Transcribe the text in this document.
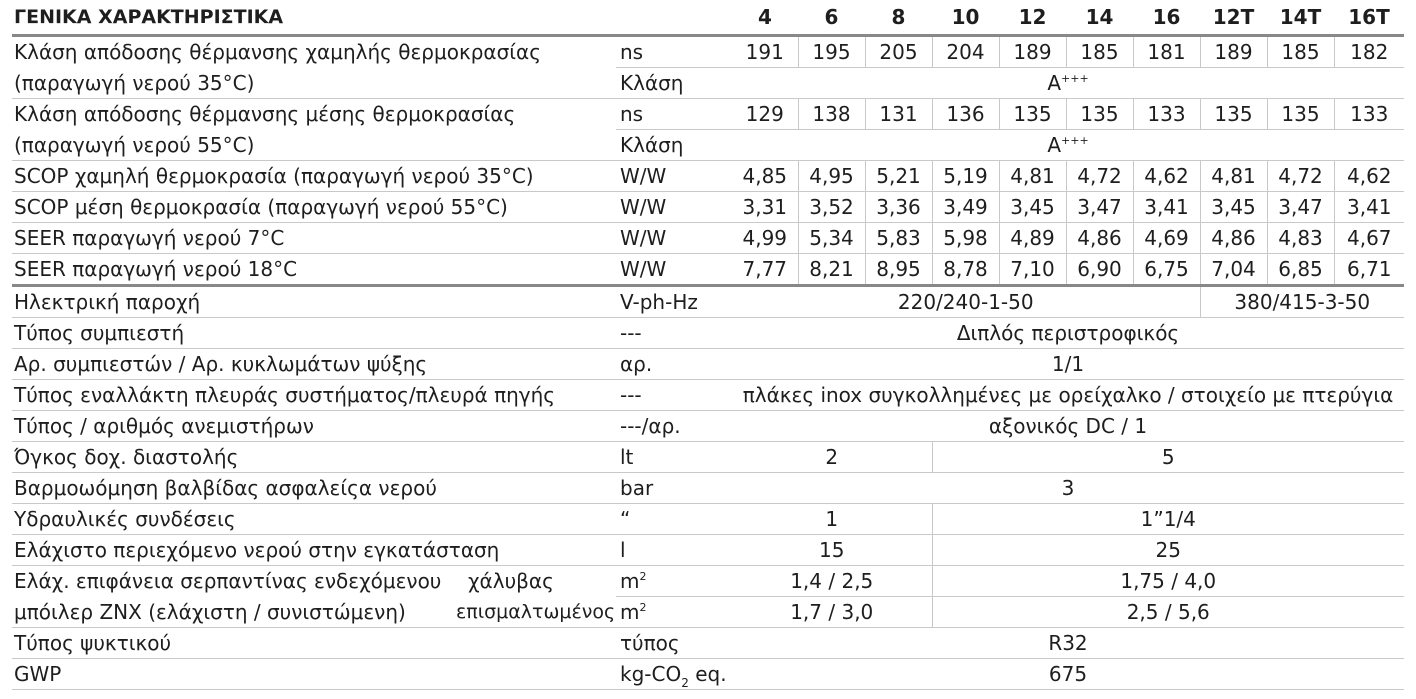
ΓΕΝΙΚΑ ΧΑΡΑΚΤΗΡΙΣΤΙΚΑ		4	6	8	10	12	14	16	12T	14T	16T
Κλάση απόδοσης θέρμανσης χαμηλής θερμοκρασίας	ns	191	195	205	204	189	185	181	189	185	182
(παραγωγή νερού 35°C)	Κλάση	A+++
Κλάση απόδοσης θέρμανσης μέσης θερμοκρασίας	ns	129	138	131	136	135	135	133	135	135	133
(παραγωγή νερού 55°C)	Κλάση	A+++
SCOP χαμηλή θερμοκρασία (παραγωγή νερού 35°C)	W/W	4,85	4,95	5,21	5,19	4,81	4,72	4,62	4,81	4,72	4,62
SCOP μέση θερμοκρασία (παραγωγή νερού 55°C)	W/W	3,31	3,52	3,36	3,49	3,45	3,47	3,41	3,45	3,47	3,41
SEER παραγωγή νερού 7°C	W/W	4,99	5,34	5,83	5,98	4,89	4,86	4,69	4,86	4,83	4,67
SEER παραγωγή νερού 18°C	W/W	7,77	8,21	8,95	8,78	7,10	6,90	6,75	7,04	6,85	6,71
Ηλεκτρική παροχή	V-ph-Hz	220/240-1-50							380/415-3-50		
Τύπος συμπιεστή	---	Διπλός περιστροφικός									
Αρ. συμπιεστών / Αρ. κυκλωμάτων ψύξης	αρ.	1/1									
Τύπος εναλλάκτη πλευράς συστήματος/πλευρά πηγής	---	πλάκες inox συγκολλημένες με ορείχαλκο / στοιχείο με πτερύγια									
Τύπος / αριθμός ανεμιστήρων	---/αρ.	αξονικός DC / 1									
Όγκος δοχ. διαστολής	lt	2			5						
Βαρμοωόμηση βαλβίδας ασφαλείςα νερού	bar	3									
Υδραυλικές συνδέσεις	“	1			1”1/4						
Ελάχιστο περιεχόμενο νερού στην εγκατάσταση	l	15			25						
Ελάχ. επιφάνεια σερπαντίνας ενδεχόμενου χάλυβας	$m^2$	1,4 / 2,5			1,75 / 4,0						
μπόιλερ ΖΝΧ (ελάχιστη / συνιστώμενη) επισμαλτωμένος	$m^2$	1,7 / 3,0			2,5 / 5,6						
Τύπος ψυκτικού	τύπος	R32									
GWP	$kg-CO_2$ eq.	675									
